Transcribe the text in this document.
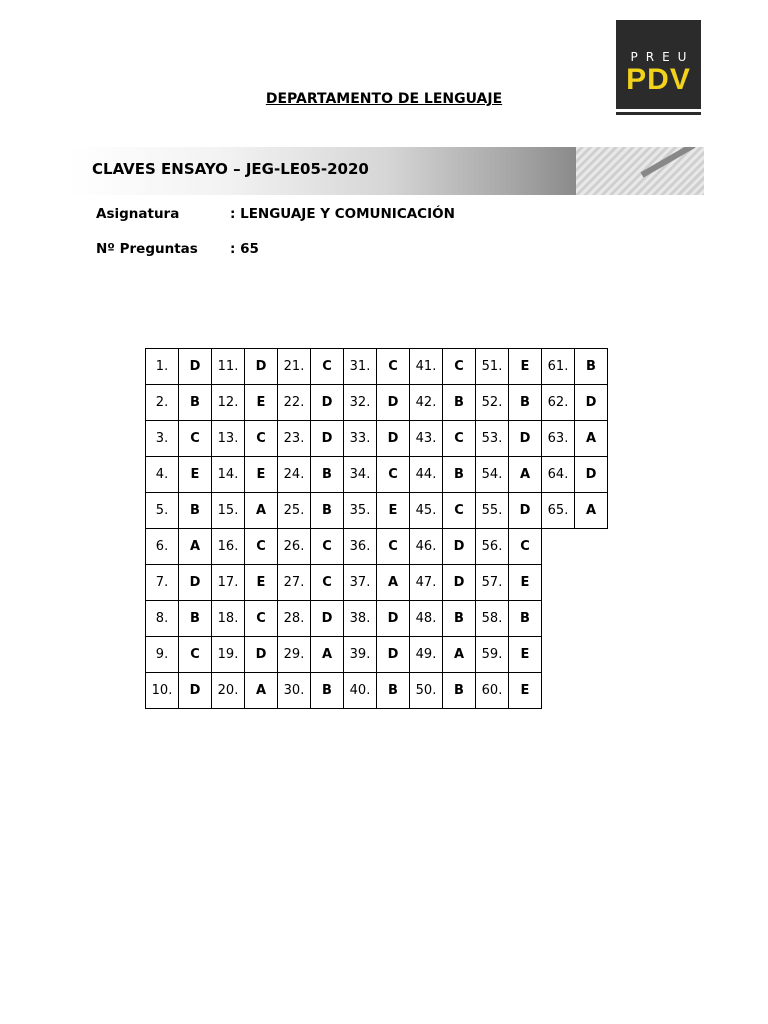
PREU
PDV
DEPARTAMENTO DE LENGUAJE
CLAVES ENSAYO – JEG-LE05-2020
Asignatura	: LENGUAJE Y COMUNICACIÓN
Nº Preguntas : 65
1.	D	11.	D	21.	C	31.	C	41.	C	51.	E	61.	B
2.	B	12.	E	22.	D	32.	D	42.	B	52.	B	62.	D
3.	C	13.	C	23.	D	33.	D	43.	C	53.	D	63.	A
4.	E	14.	E	24.	B	34.	C	44.	B	54.	A	64.	D
5.	B	15.	A	25.	B	35.	E	45.	C	55.	D	65.	A
6.	A	16.	C	26.	C	36.	C	46.	D	56.	C		
7.	D	17.	E	27.	C	37.	A	47.	D	57.	E		
8.	B	18.	C	28.	D	38.	D	48.	B	58.	B		
9.	C	19.	D	29.	A	39.	D	49.	A	59.	E		
10.	D	20.	A	30.	B	40.	B	50.	B	60.	E		
